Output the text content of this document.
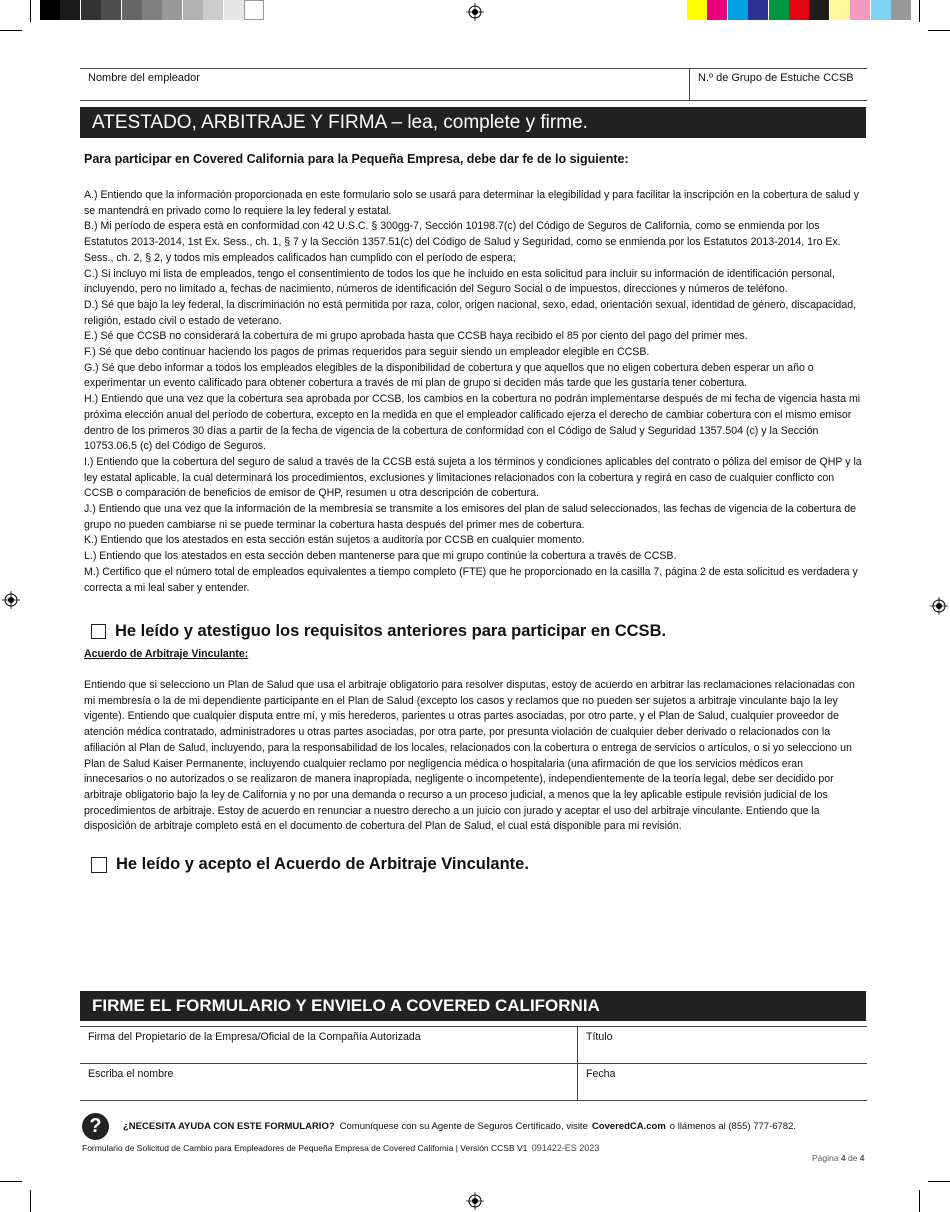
Nombre del empleador	N.º de Grupo de Estuche CCSB
ATESTADO, ARBITRAJE Y FIRMA – lea, complete y firme.
Para participar en Covered California para la Pequeña Empresa, debe dar fe de lo siguiente:

A.) Entiendo que la información proporcionada en este formulario solo se usará para determinar la elegibilidad y para facilitar la inscripción en la cobertura de salud y se mantendrá en privado como lo requiere la ley federal y estatal.

B.) Mi período de espera está en conformidad con 42 U.S.C. § 300gg-7, Sección 10198.7(c) del Código de Seguros de California, como se enmienda por los Estatutos 2013-2014, 1st Ex. Sess., ch. 1, § 7 y la Sección 1357.51(c) del Código de Salud y Seguridad, como se enmienda por los Estatutos 2013-2014, 1ro Ex. Sess., ch. 2, § 2, y todos mis empleados calificados han cumplido con el período de espera;

C.) Si incluyo mi lista de empleados, tengo el consentimiento de todos los que he incluido en esta solicitud para incluir su información de identificación personal, incluyendo, pero no limitado a, fechas de nacimiento, números de identificación del Seguro Social o de impuestos, direcciones y números de teléfono.

D.) Sé que bajo la ley federal, la discriminación no está permitida por raza, color, origen nacional, sexo, edad, orientación sexual, identidad de género, discapacidad, religión, estado civil o estado de veterano.

E.) Sé que CCSB no considerará la cobertura de mi grupo aprobada hasta que CCSB haya recibido el 85 por ciento del pago del primer mes.

F.) Sé que debo continuar haciendo los pagos de primas requeridos para seguir siendo un empleador elegible en CCSB.

G.) Sé que debo informar a todos los empleados elegibles de la disponibilidad de cobertura y que aquellos que no eligen cobertura deben esperar un año o experimentar un evento calificado para obtener cobertura a través de mi plan de grupo si deciden más tarde que les gustaría tener cobertura.

H.) Entiendo que una vez que la cobertura sea aprobada por CCSB, los cambios en la cobertura no podrán implementarse después de mi fecha de vigencia hasta mi próxima elección anual del período de cobertura, excepto en la medida en que el empleador calificado ejerza el derecho de cambiar cobertura con el mismo emisor dentro de los primeros 30 días a partir de la fecha de vigencia de la cobertura de conformidad con el Código de Salud y Seguridad 1357.504 (c) y la Sección 10753.06.5 (c) del Código de Seguros.

I.) Entiendo que la cobertura del seguro de salud a través de la CCSB está sujeta a los términos y condiciones aplicables del contrato o póliza del emisor de QHP y la ley estatal aplicable, la cual determinará los procedimientos, exclusiones y limitaciones relacionados con la cobertura y regirá en caso de cualquier conflicto con CCSB o comparación de beneficios de emisor de QHP, resumen u otra descripción de cobertura.

J.) Entiendo que una vez que la información de la membresía se transmite a los emisores del plan de salud seleccionados, las fechas de vigencia de la cobertura de grupo no pueden cambiarse ni se puede terminar la cobertura hasta después del primer mes de cobertura.

K.) Entiendo que los atestados en esta sección están sujetos a auditoría por CCSB en cualquier momento.

L.) Entiendo que los atestados en esta sección deben mantenerse para que mi grupo continúe la cobertura a través de CCSB.

M.) Certifico que el número total de empleados equivalentes a tiempo completo (FTE) que he proporcionado en la casilla 7, página 2 de esta solicitud es verdadera y correcta a mi leal saber y entender.

He leído y atestiguo los requisitos anteriores para participar en CCSB.
Acuerdo de Arbitraje Vinculante:

Entiendo que si selecciono un Plan de Salud que usa el arbitraje obligatorio para resolver disputas, estoy de acuerdo en arbitrar las reclamaciones relacionadas con mi membresía o la de mi dependiente participante en el Plan de Salud (excepto los casos y reclamos que no pueden ser sujetos a arbitraje vinculante bajo la ley vigente). Entiendo que cualquier disputa entre mí, y mis herederos, parientes u otras partes asociadas, por otro parte, y el Plan de Salud, cualquier proveedor de atención médica contratado, administradores u otras partes asociadas, por otra parte, por presunta violación de cualquier deber derivado o relacionados con la afiliación al Plan de Salud, incluyendo, para la responsabilidad de los locales, relacionados con la cobertura o entrega de servicios o artículos, o si yo selecciono un Plan de Salud Kaiser Permanente, incluyendo cualquier reclamo por negligencia médica o hospitalaria (una afirmación de que los servicios médicos eran innecesarios o no autorizados o se realizaron de manera inapropiada, negligente o incompetente), independientemente de la teoría legal, debe ser decidido por arbitraje obligatorio bajo la ley de California y no por una demanda o recurso a un proceso judicial, a menos que la ley aplicable estipule revisión judicial de los procedimientos de arbitraje. Estoy de acuerdo en renunciar a nuestro derecho a un juicio con jurado y aceptar el uso del arbitraje vinculante. Entiendo que la disposición de arbitraje completo está en el documento de cobertura del Plan de Salud, el cual está disponible para mi revisión.

He leído y acepto el Acuerdo de Arbitraje Vinculante.
FIRME EL FORMULARIO Y ENVIELO A COVERED CALIFORNIA
Firma del Propietario de la Empresa/Oficial de la Compañía Autorizada	Título
Escriba el nombre	Fecha
?	¿NECESITA AYUDA CON ESTE FORMULARIO? Comuníquese con su Agente de Seguros Certificado, visite CoveredCA.com o llámenos al (855) 777-6782.
Formulario de Solicitud de Cambio para Empleadores de Pequeña Empresa de Covered California | Versión CCSB V1 091422-ES 2023
Página 4 de 4
